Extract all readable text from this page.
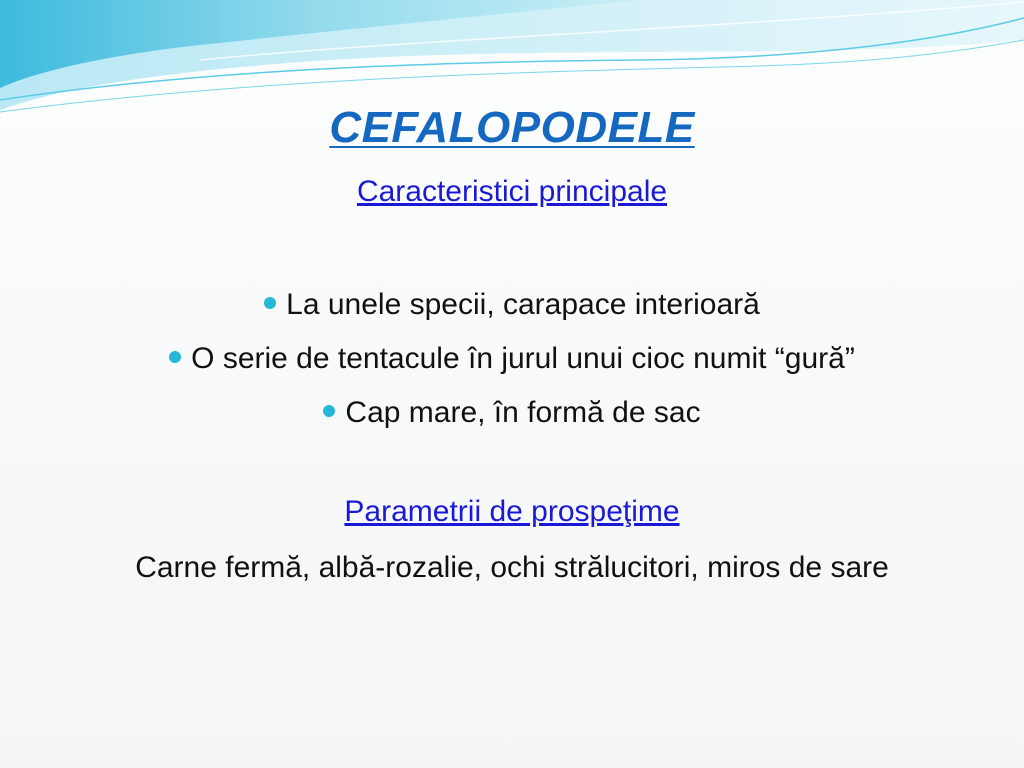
CEFALOPODELE
Caracteristici principale
La unele specii, carapace interioară
O serie de tentacule în jurul unui cioc numit “gură”
Cap mare, în formă de sac
Parametrii de prospeţime
Carne fermă, albă-rozalie, ochi strălucitori, miros de sare
